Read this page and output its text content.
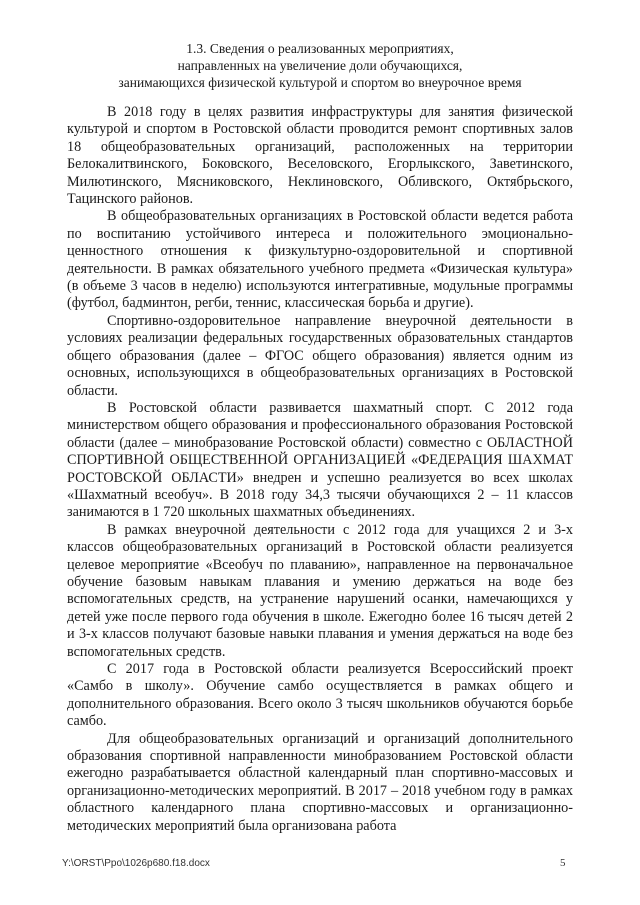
1.3. Сведения о реализованных мероприятиях,
направленных на увеличение доли обучающихся,
занимающихся физической культурой и спортом во внеурочное время

В 2018 году в целях развития инфраструктуры для занятия физической культурой и спортом в Ростовской области проводится ремонт спортивных залов 18 общеобразовательных организаций, расположенных на территории Белокалитвинского, Боковского, Веселовского, Егорлыкского, Заветинского, Милютинского, Мясниковского, Неклиновского, Обливского, Октябрьского, Тацинского районов.

В общеобразовательных организациях в Ростовской области ведется работа по воспитанию устойчивого интереса и положительного эмоционально-ценностного отношения к физкультурно-оздоровительной и спортивной деятельности. В рамках обязательного учебного предмета «Физическая культура» (в объеме 3 часов в неделю) используются интегративные, модульные программы (футбол, бадминтон, регби, теннис, классическая борьба и другие).

Спортивно-оздоровительное направление внеурочной деятельности в условиях реализации федеральных государственных образовательных стандартов общего образования (далее – ФГОС общего образования) является одним из основных, использующихся в общеобразовательных организациях в Ростовской области.

В Ростовской области развивается шахматный спорт. С 2012 года министерством общего образования и профессионального образования Ростовской области (далее – минобразование Ростовской области) совместно с ОБЛАСТНОЙ СПОРТИВНОЙ ОБЩЕСТВЕННОЙ ОРГАНИЗАЦИЕЙ «ФЕДЕРАЦИЯ ШАХМАТ РОСТОВСКОЙ ОБЛАСТИ» внедрен и успешно реализуется во всех школах «Шахматный всеобуч». В 2018 году 34,3 тысячи обучающихся 2 – 11 классов занимаются в 1 720 школьных шахматных объединениях.

В рамках внеурочной деятельности с 2012 года для учащихся 2 и 3-х классов общеобразовательных организаций в Ростовской области реализуется целевое мероприятие «Всеобуч по плаванию», направленное на первоначальное обучение базовым навыкам плавания и умению держаться на воде без вспомогательных средств, на устранение нарушений осанки, намечающихся у детей уже после первого года обучения в школе. Ежегодно более 16 тысяч детей 2 и 3-х классов получают базовые навыки плавания и умения держаться на воде без вспомогательных средств.

С 2017 года в Ростовской области реализуется Всероссийский проект «Самбо в школу». Обучение самбо осуществляется в рамках общего и дополнительного образования. Всего около 3 тысяч школьников обучаются борьбе самбо.

Для общеобразовательных организаций и организаций дополнительного образования спортивной направленности минобразованием Ростовской области ежегодно разрабатывается областной календарный план спортивно-массовых и организационно-методических мероприятий. В 2017 – 2018 учебном году в рамках областного календарного плана спортивно-массовых и организационно-методических мероприятий была организована работа

Y:\ORST\Ppo\1026p680.f18.docx	5
